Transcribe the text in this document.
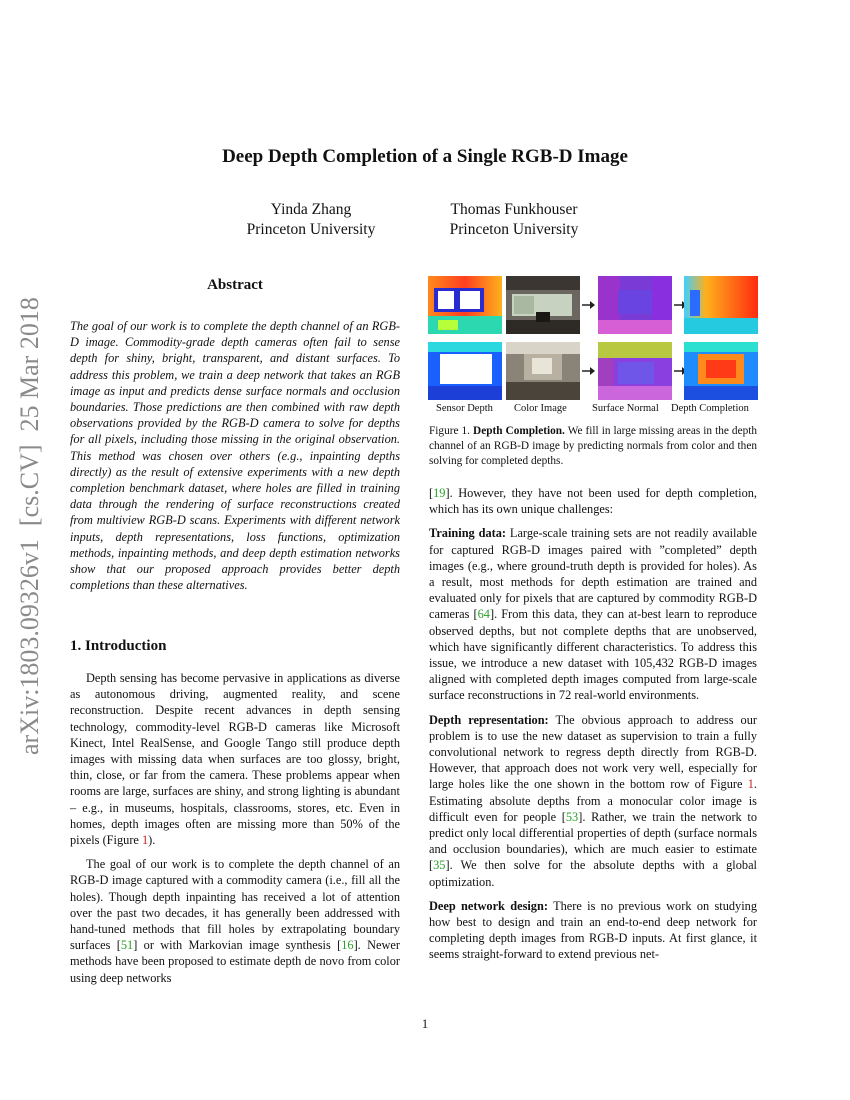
arXiv:1803.09326v1  [cs.CV]  25 Mar 2018
Deep Depth Completion of a Single RGB-D Image
Yinda Zhang
Princeton University
Thomas Funkhouser
Princeton University
Abstract
The goal of our work is to complete the depth channel of an RGB-D image. Commodity-grade depth cameras often fail to sense depth for shiny, bright, transparent, and distant surfaces. To address this problem, we train a deep network that takes an RGB image as input and predicts dense surface normals and occlusion boundaries. Those predictions are then combined with raw depth observations provided by the RGB-D camera to solve for depths for all pixels, including those missing in the original observation. This method was chosen over others (e.g., inpainting depths directly) as the result of extensive experiments with a new depth completion benchmark dataset, where holes are filled in training data through the rendering of surface reconstructions created from multiview RGB-D scans. Experiments with different network inputs, depth representations, loss functions, optimization methods, inpainting methods, and deep depth estimation networks show that our proposed approach provides better depth completions than these alternatives.
1. Introduction

Depth sensing has become pervasive in applications as diverse as autonomous driving, augmented reality, and scene reconstruction. Despite recent advances in depth sensing technology, commodity-level RGB-D cameras like Microsoft Kinect, Intel RealSense, and Google Tango still produce depth images with missing data when surfaces are too glossy, bright, thin, close, or far from the camera. These problems appear when rooms are large, surfaces are shiny, and strong lighting is abundant – e.g., in museums, hospitals, classrooms, stores, etc. Even in homes, depth images often are missing more than 50% of the pixels (Figure 1).

The goal of our work is to complete the depth channel of an RGB-D image captured with a commodity camera (i.e., fill all the holes). Though depth inpainting has received a lot of attention over the past two decades, it has generally been addressed with hand-tuned methods that fill holes by extrapolating boundary surfaces [51] or with Markovian image synthesis [16]. Newer methods have been proposed to estimate depth de novo from color using deep networks

Sensor Depth Color Image Surface Normal Depth Completion
Figure 1. Depth Completion. We fill in large missing areas in the depth channel of an RGB-D image by predicting normals from color and then solving for completed depths.

[19]. However, they have not been used for depth completion, which has its own unique challenges:

Training data: Large-scale training sets are not readily available for captured RGB-D images paired with ”completed” depth images (e.g., where ground-truth depth is provided for holes). As a result, most methods for depth estimation are trained and evaluated only for pixels that are captured by commodity RGB-D cameras [64]. From this data, they can at-best learn to reproduce observed depths, but not complete depths that are unobserved, which have significantly different characteristics. To address this issue, we introduce a new dataset with 105,432 RGB-D images aligned with completed depth images computed from large-scale surface reconstructions in 72 real-world environments.

Depth representation: The obvious approach to address our problem is to use the new dataset as supervision to train a fully convolutional network to regress depth directly from RGB-D. However, that approach does not work very well, especially for large holes like the one shown in the bottom row of Figure 1. Estimating absolute depths from a monocular color image is difficult even for people [53]. Rather, we train the network to predict only local differential properties of depth (surface normals and occlusion boundaries), which are much easier to estimate [35]. We then solve for the absolute depths with a global optimization.

Deep network design: There is no previous work on studying how best to design and train an end-to-end deep network for completing depth images from RGB-D inputs. At first glance, it seems straight-forward to extend previous net-

1
